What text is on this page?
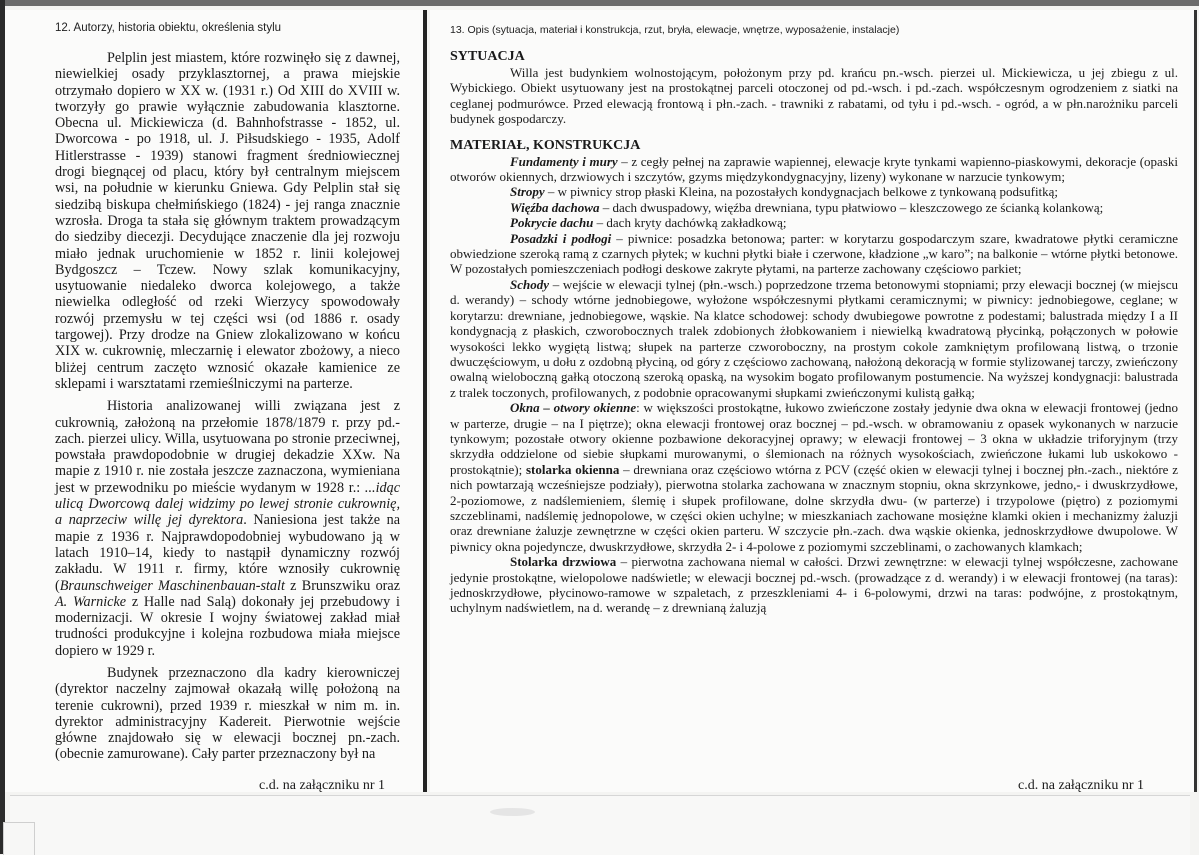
12. Autorzy, historia obiektu, określenia stylu

Pelplin jest miastem, które rozwinęło się z dawnej, niewielkiej osady przyklasztornej, a prawa miejskie otrzymało dopiero w XX w. (1931 r.) Od XIII do XVIII w. tworzyły go prawie wyłącznie zabudowania klasztorne. Obecna ul. Mickiewicza (d. Bahnhofstrasse - 1852, ul. Dworcowa - po 1918, ul. J. Piłsudskiego - 1935, Adolf Hitlerstrasse - 1939) stanowi fragment średniowiecznej drogi biegnącej od placu, który był centralnym miejscem wsi, na południe w kierunku Gniewa. Gdy Pelplin stał się siedzibą biskupa chełmińskiego (1824) - jej ranga znacznie wzrosła. Droga ta stała się głównym traktem prowadzącym do siedziby diecezji. Decydujące znaczenie dla jej rozwoju miało jednak uruchomienie w 1852 r. linii kolejowej Bydgoszcz – Tczew. Nowy szlak komunikacyjny, usytuowanie niedaleko dworca kolejowego, a także niewielka odległość od rzeki Wierzycy spowodowały rozwój przemysłu w tej części wsi (od 1886 r. osady targowej). Przy drodze na Gniew zlokalizowano w końcu XIX w. cukrownię, mleczarnię i elewator zbożowy, a nieco bliżej centrum zaczęto wznosić okazałe kamienice ze sklepami i warsztatami rzemieślniczymi na parterze.

Historia analizowanej willi związana jest z cukrownią, założoną na przełomie 1878/1879 r. przy pd.-zach. pierzei ulicy. Willa, usytuowana po stronie przeciwnej, powstała prawdopodobnie w drugiej dekadzie XXw. Na mapie z 1910 r. nie została jeszcze zaznaczona, wymieniana jest w przewodniku po mieście wydanym w 1928 r.: ...idąc ulicą Dworcową dalej widzimy po lewej stronie cukrownię, a naprzeciw willę jej dyrektora. Naniesiona jest także na mapie z 1936 r. Najprawdopodobniej wybudowano ją w latach 1910–14, kiedy to nastąpił dynamiczny rozwój zakładu. W 1911 r. firmy, które wznosiły cukrownię (Braunschweiger Maschinenbauan-stalt z Brunszwiku oraz A. Warnicke z Halle nad Salą) dokonały jej przebudowy i modernizacji. W okresie I wojny światowej zakład miał trudności produkcyjne i kolejna rozbudowa miała miejsce dopiero w 1929 r.

Budynek przeznaczono dla kadry kierowniczej (dyrektor naczelny zajmował okazałą willę położoną na terenie cukrowni), przed 1939 r. mieszkał w nim m. in. dyrektor administracyjny Kadereit. Pierwotnie wejście główne znajdowało się w elewacji bocznej pn.-zach. (obecnie zamurowane). Cały parter przeznaczony był na

c.d. na załączniku nr 1
13. Opis (sytuacja, materiał i konstrukcja, rzut, bryła, elewacje, wnętrze, wyposażenie, instalacje)
SYTUACJA

Willa jest budynkiem wolnostojącym, położonym przy pd. krańcu pn.-wsch. pierzei ul. Mickiewicza, u jej zbiegu z ul. Wybickiego. Obiekt usytuowany jest na prostokątnej parceli otoczonej od pd.-wsch. i pd.-zach. współczesnym ogrodzeniem z siatki na ceglanej podmurówce. Przed elewacją frontową i płn.-zach. - trawniki z rabatami, od tyłu i pd.-wsch. - ogród, a w płn.narożniku parceli budynek gospodarczy.

MATERIAŁ, KONSTRUKCJA

Fundamenty i mury – z cegły pełnej na zaprawie wapiennej, elewacje kryte tynkami wapienno-piaskowymi, dekoracje (opaski otworów okiennych, drzwiowych i szczytów, gzyms międzykondygnacyjny, lizeny) wykonane w narzucie tynkowym;

Stropy – w piwnicy strop płaski Kleina, na pozostałych kondygnacjach belkowe z tynkowaną podsufitką;

Więźba dachowa – dach dwuspadowy, więźba drewniana, typu płatwiowo – kleszczowego ze ścianką kolankową;

Pokrycie dachu – dach kryty dachówką zakładkową;

Posadzki i podłogi – piwnice: posadzka betonowa; parter: w korytarzu gospodarczym szare, kwadratowe płytki ceramiczne obwiedzione szeroką ramą z czarnych płytek; w kuchni płytki białe i czerwone, kładzione „w karo”; na balkonie – wtórne płytki betonowe. W pozostałych pomieszczeniach podłogi deskowe zakryte płytami, na parterze zachowany częściowo parkiet;

Schody – wejście w elewacji tylnej (płn.-wsch.) poprzedzone trzema betonowymi stopniami; przy elewacji bocznej (w miejscu d. werandy) – schody wtórne jednobiegowe, wyłożone współczesnymi płytkami ceramicznymi; w piwnicy: jednobiegowe, ceglane; w korytarzu: drewniane, jednobiegowe, wąskie. Na klatce schodowej: schody dwubiegowe powrotne z podestami; balustrada między I a II kondygnacją z płaskich, czworobocznych tralek zdobionych żłobkowaniem i niewielką kwadratową płycinką, połączonych w połowie wysokości lekko wygiętą listwą; słupek na parterze czworoboczny, na prostym cokole zamkniętym profilowaną listwą, o trzonie dwuczęściowym, u dołu z ozdobną płyciną, od góry z częściowo zachowaną, nałożoną dekoracją w formie stylizowanej tarczy, zwieńczony owalną wieloboczną gałką otoczoną szeroką opaską, na wysokim bogato profilowanym postumencie. Na wyższej kondygnacji: balustrada z tralek toczonych, profilowanych, z podobnie opracowanymi słupkami zwieńczonymi kulistą gałką;

Okna – otwory okienne: w większości prostokątne, łukowo zwieńczone zostały jedynie dwa okna w elewacji frontowej (jedno w parterze, drugie – na I piętrze); okna elewacji frontowej oraz bocznej – pd.-wsch. w obramowaniu z opasek wykonanych w narzucie tynkowym; pozostałe otwory okienne pozbawione dekoracyjnej oprawy; w elewacji frontowej – 3 okna w układzie triforyjnym (trzy skrzydła oddzielone od siebie słupkami murowanymi, o ślemionach na różnych wysokościach, zwieńczone łukami lub uskokowo - prostokątnie); stolarka okienna – drewniana oraz częściowo wtórna z PCV (część okien w elewacji tylnej i bocznej płn.-zach., niektóre z nich powtarzają wcześniejsze podziały), pierwotna stolarka zachowana w znacznym stopniu, okna skrzynkowe, jedno,- i dwuskrzydłowe, 2-poziomowe, z nadślemieniem, ślemię i słupek profilowane, dolne skrzydła dwu- (w parterze) i trzypolowe (piętro) z poziomymi szczeblinami, nadślemię jednopolowe, w części okien uchylne; w mieszkaniach zachowane mosiężne klamki okien i mechanizmy żaluzji oraz drewniane żaluzje zewnętrzne w części okien parteru. W szczycie płn.-zach. dwa wąskie okienka, jednoskrzydłowe dwupolowe. W piwnicy okna pojedyncze, dwuskrzydłowe, skrzydła 2- i 4-polowe z poziomymi szczeblinami, o zachowanych klamkach;

Stolarka drzwiowa – pierwotna zachowana niemal w całości. Drzwi zewnętrzne: w elewacji tylnej współczesne, zachowane jedynie prostokątne, wielopolowe nadświetle; w elewacji bocznej pd.-wsch. (prowadzące z d. werandy) i w elewacji frontowej (na taras): jednoskrzydłowe, płycinowo-ramowe w szpaletach, z przeszkleniami 4- i 6-polowymi, drzwi na taras: podwójne, z prostokątnym, uchylnym nadświetlem, na d. werandę – z drewnianą żaluzją

c.d. na załączniku nr 1
